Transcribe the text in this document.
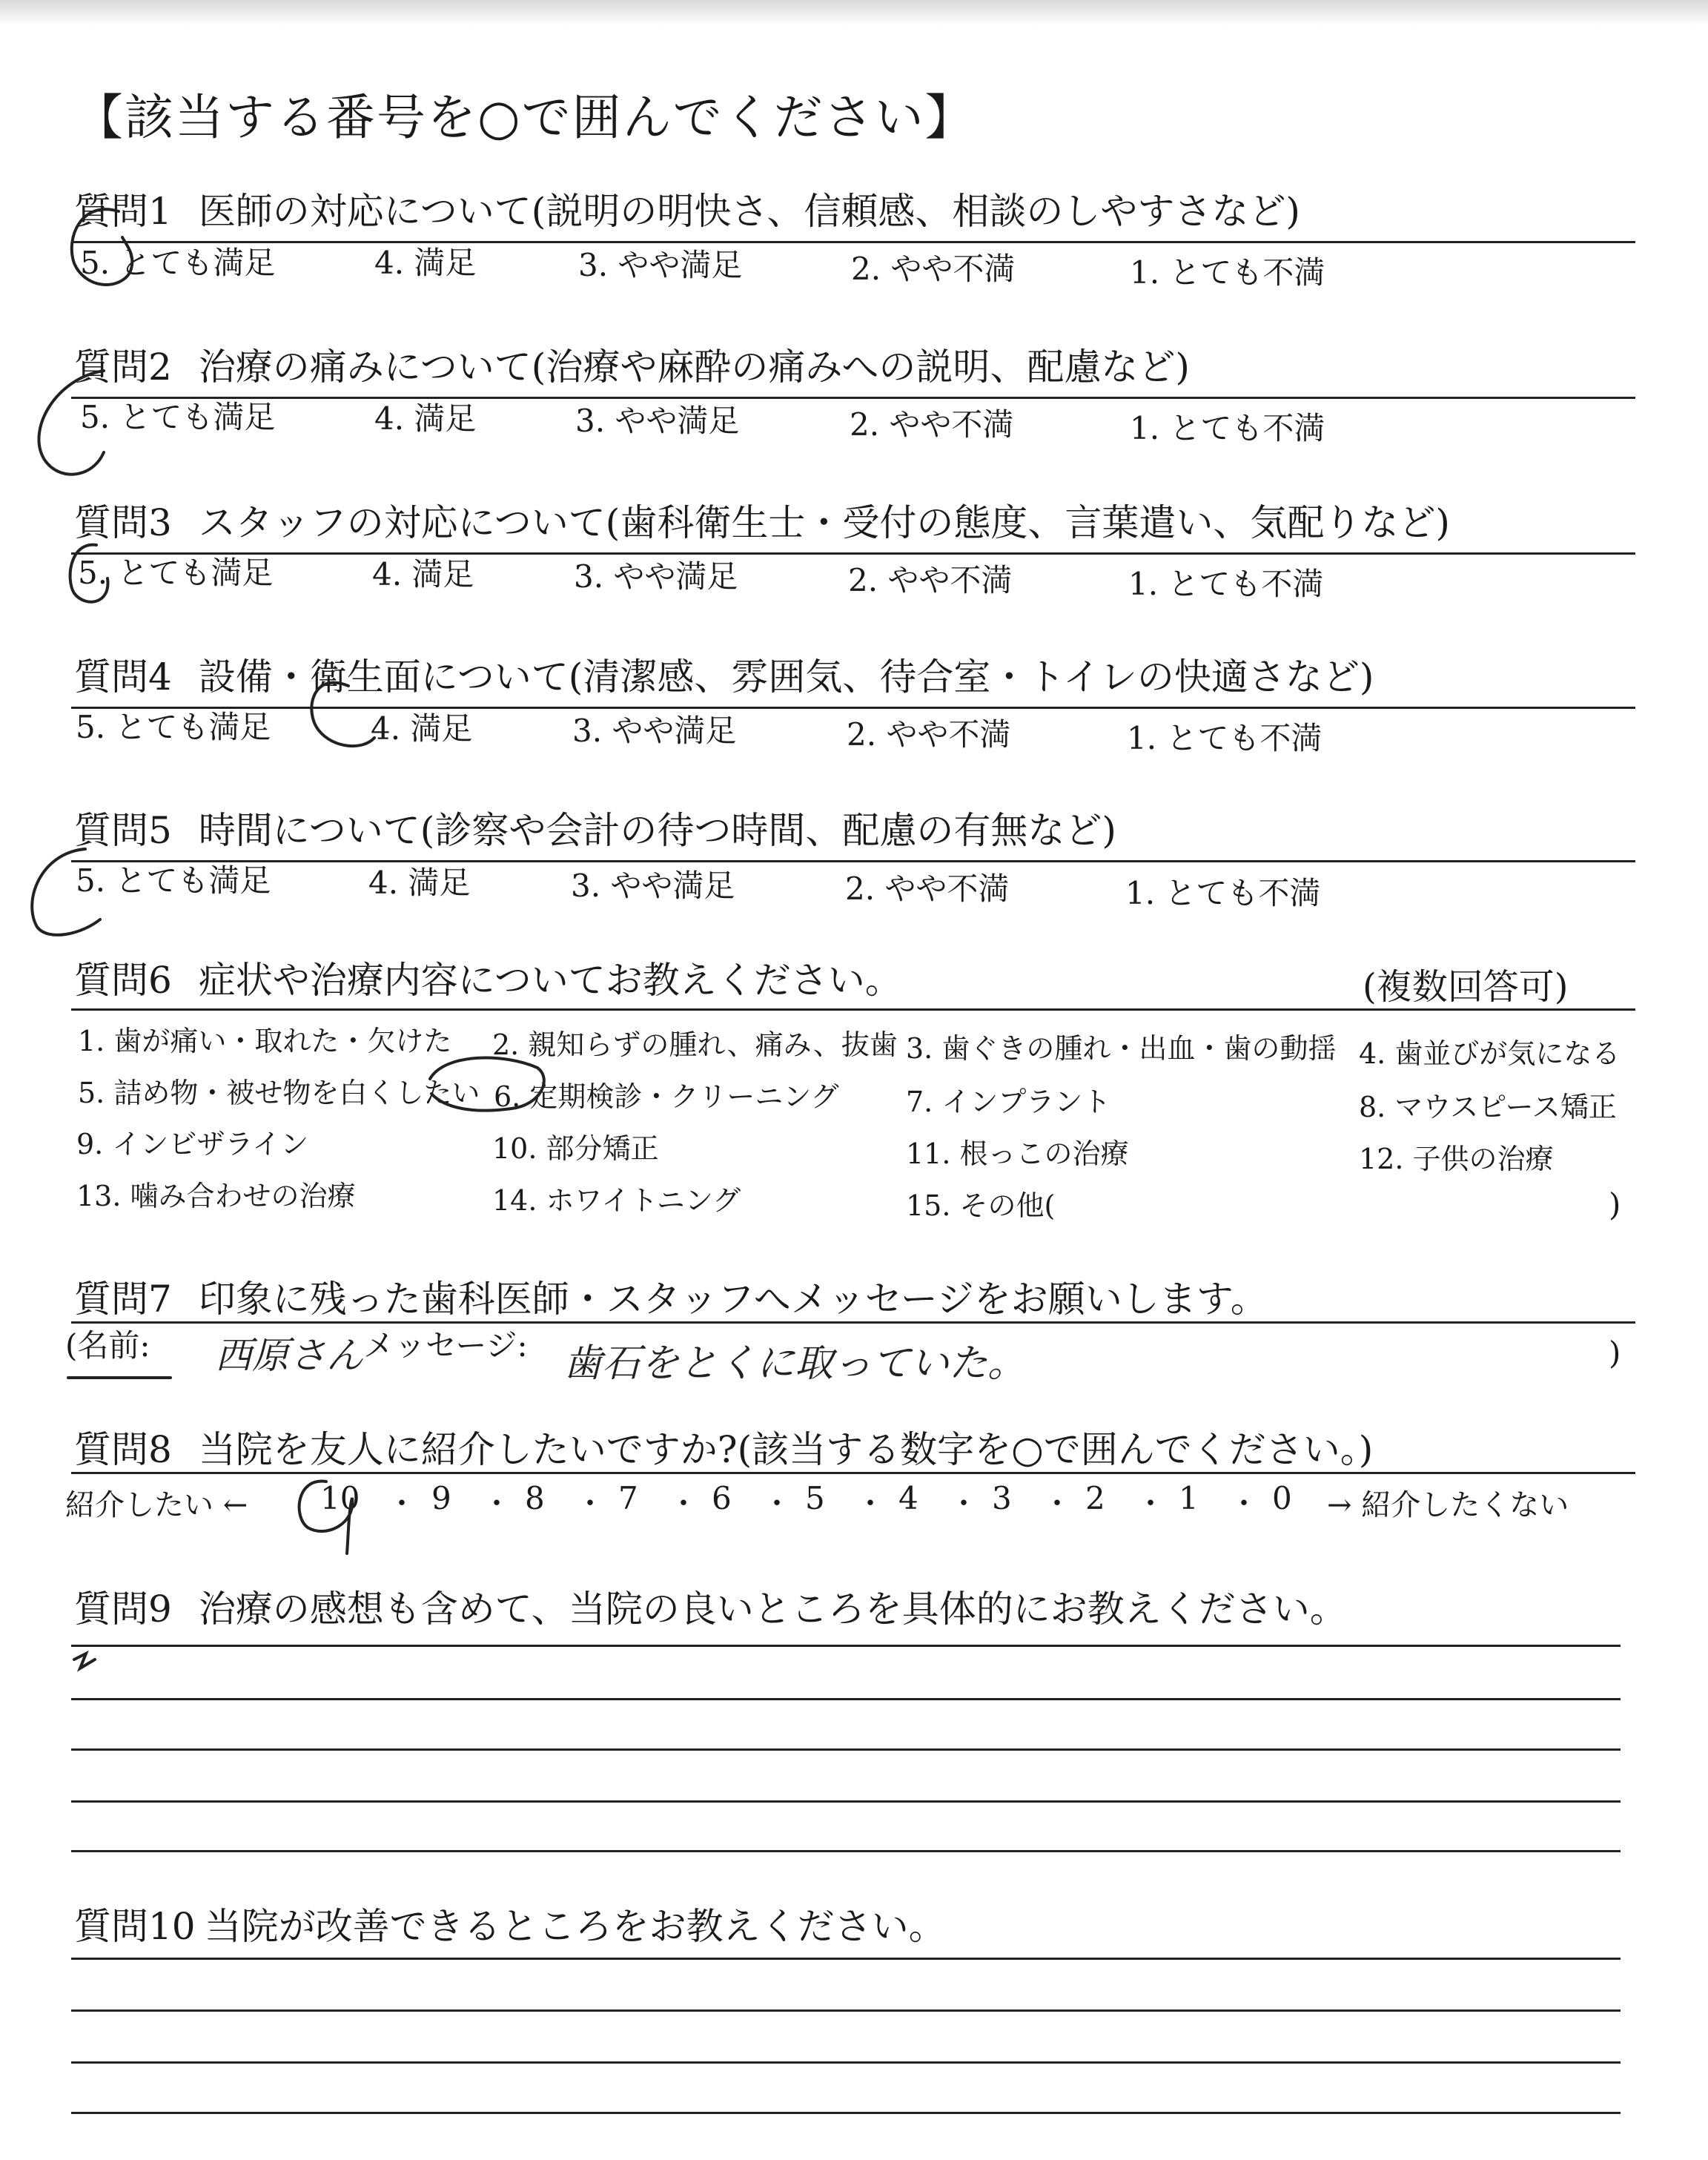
【該当する番号を○で囲んでください】
質問1 医師の対応について(説明の明快さ、信頼感、相談のしやすさなど)
5. とても満足	4. 満足	3. やや満足	2. やや不満	1. とても不満
質問2 治療の痛みについて(治療や麻酔の痛みへの説明、配慮など)
5. とても満足	4. 満足	3. やや満足	2. やや不満	1. とても不満
質問3 スタッフの対応について(歯科衛生士・受付の態度、言葉遣い、気配りなど)
5. とても満足	4. 満足	3. やや満足	2. やや不満	1. とても不満
質問4 設備・衛生面について(清潔感、雰囲気、待合室・トイレの快適さなど)
5. とても満足	4. 満足	3. やや満足	2. やや不満	1. とても不満
質問5 時間について(診察や会計の待つ時間、配慮の有無など)
5. とても満足	4. 満足	3. やや満足	2. やや不満	1. とても不満
質問6 症状や治療内容についてお教えください。	(複数回答可)
1. 歯が痛い・取れた・欠けた 2. 親知らずの腫れ、痛み、抜歯 3. 歯ぐきの腫れ・出血・歯の動揺 4. 歯並びが気になる
5. 詰め物・被せ物を白くしたい 6. 定期検診・クリーニング 7. インプラント	8. マウスピース矯正
9. インビザライン	10. 部分矯正	11. 根っこの治療	12. 子供の治療
13. 噛み合わせの治療	14. ホワイトニング	15. その他(	)
質問7 印象に残った歯科医師・スタッフへメッセージをお願いします。
(名前: 西原さん メッセージ: 歯石をとくに取っていた。	)
質問8 当院を友人に紹介したいですか?(該当する数字を○で囲んでください。)
紹介したい ← 10 ・ 9 ・ 8 ・ 7 ・ 6 ・ 5 ・ 4 ・ 3 ・ 2 ・ 1 ・ 0 → 紹介したくない
質問9 治療の感想も含めて、当院の良いところを具体的にお教えください。
質問10 当院が改善できるところをお教えください。
